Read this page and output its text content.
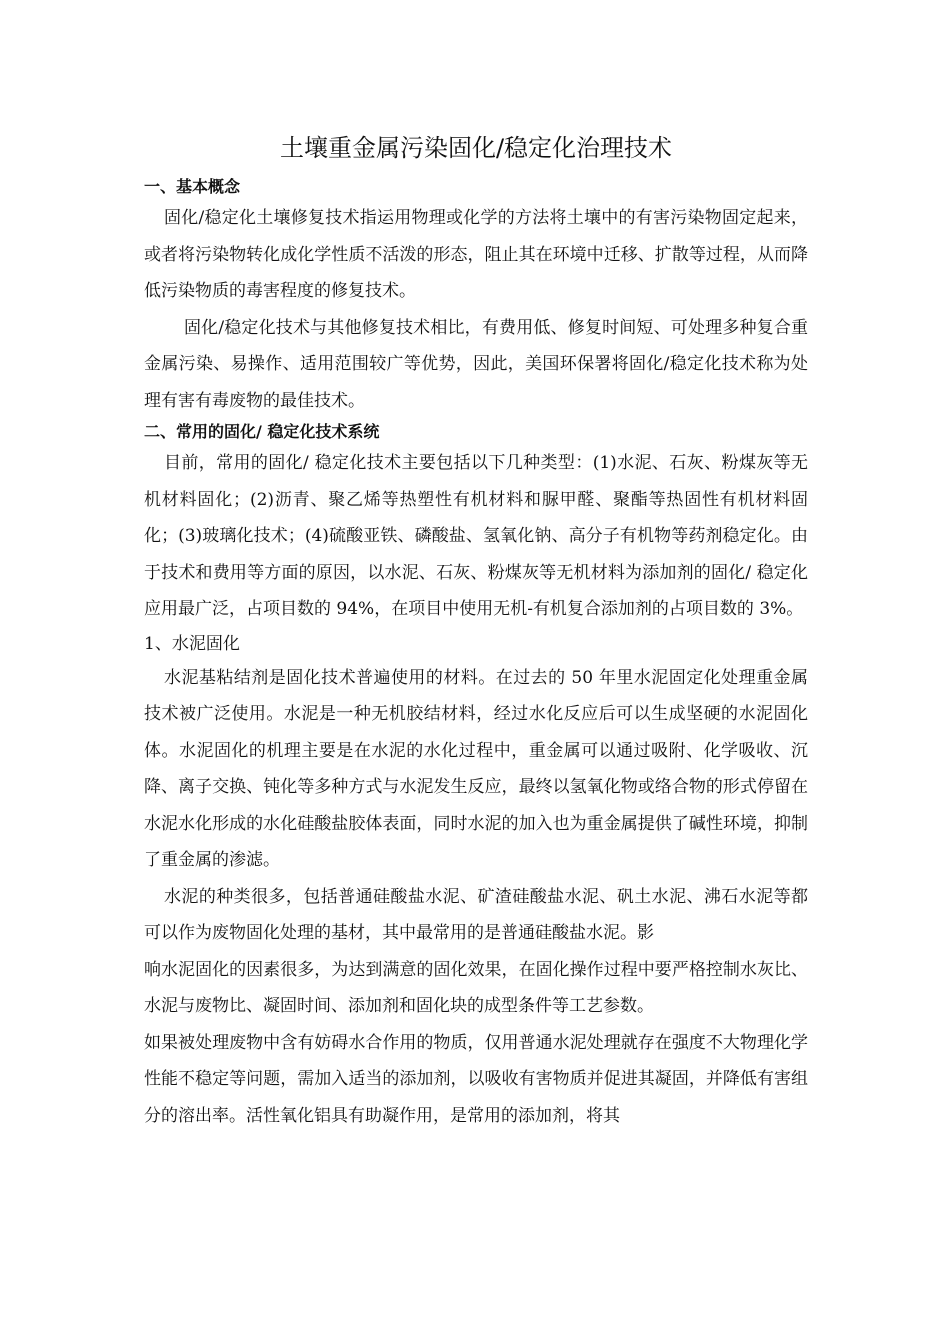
土壤重金属污染固化/稳定化治理技术

一、基本概念

固化/稳定化土壤修复技术指运用物理或化学的方法将土壤中的有害污染物固定起来，或者将污染物转化成化学性质不活泼的形态，阻止其在环境中迁移、扩散等过程，从而降低污染物质的毒害程度的修复技术。

固化/稳定化技术与其他修复技术相比，有费用低、修复时间短、可处理多种复合重金属污染、易操作、适用范围较广等优势，因此，美国环保署将固化/稳定化技术称为处理有害有毒废物的最佳技术。

二、常用的固化/ 稳定化技术系统

目前，常用的固化/ 稳定化技术主要包括以下几种类型：(1)水泥、石灰、粉煤灰等无机材料固化；(2)沥青、聚乙烯等热塑性有机材料和脲甲醛、聚酯等热固性有机材料固化；(3)玻璃化技术；(4)硫酸亚铁、磷酸盐、氢氧化钠、高分子有机物等药剂稳定化。由于技术和费用等方面的原因，以水泥、石灰、粉煤灰等无机材料为添加剂的固化/ 稳定化应用最广泛，占项目数的 94%，在项目中使用无机-有机复合添加剂的占项目数的 3%。

1、水泥固化

水泥基粘结剂是固化技术普遍使用的材料。在过去的 50 年里水泥固定化处理重金属技术被广泛使用。水泥是一种无机胶结材料，经过水化反应后可以生成坚硬的水泥固化体。水泥固化的机理主要是在水泥的水化过程中，重金属可以通过吸附、化学吸收、沉降、离子交换、钝化等多种方式与水泥发生反应，最终以氢氧化物或络合物的形式停留在水泥水化形成的水化硅酸盐胶体表面，同时水泥的加入也为重金属提供了碱性环境，抑制了重金属的渗滤。

水泥的种类很多，包括普通硅酸盐水泥、矿渣硅酸盐水泥、矾土水泥、沸石水泥等都可以作为废物固化处理的基材，其中最常用的是普通硅酸盐水泥。影

响水泥固化的因素很多，为达到满意的固化效果，在固化操作过程中要严格控制水灰比、水泥与废物比、凝固时间、添加剂和固化块的成型条件等工艺参数。

如果被处理废物中含有妨碍水合作用的物质，仅用普通水泥处理就存在强度不大物理化学性能不稳定等问题，需加入适当的添加剂，以吸收有害物质并促进其凝固，并降低有害组分的溶出率。活性氧化铝具有助凝作用，是常用的添加剂，将其
